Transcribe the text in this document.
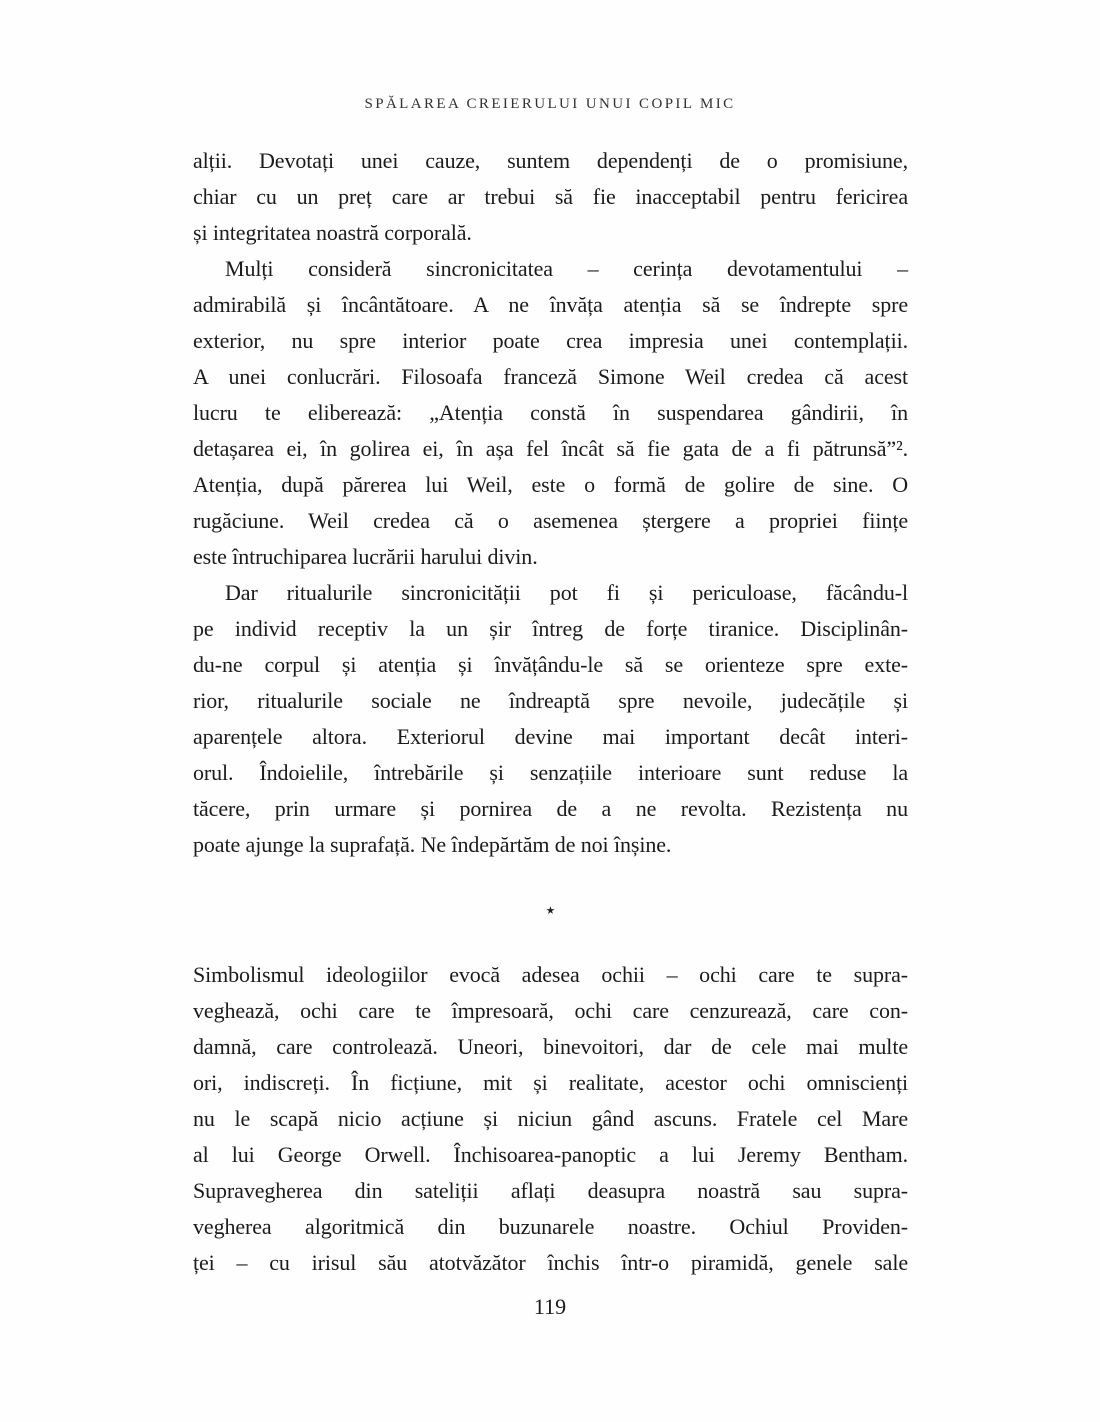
SPĂLAREA CREIERULUI UNUI COPIL MIC
alții. Devotați unei cauze, suntem dependenți de o promisiune,
chiar cu un preț care ar trebui să fie inacceptabil pentru fericirea
și integritatea noastră corporală.
Mulți consideră sincronicitatea – cerința devotamentului –
admirabilă și încântătoare. A ne învăța atenția să se îndrepte spre
exterior, nu spre interior poate crea impresia unei contemplații.
A unei conlucrări. Filosoafa franceză Simone Weil credea că acest
lucru te eliberează: „Atenția constă în suspendarea gândirii, în
detașarea ei, în golirea ei, în așa fel încât să fie gata de a fi pătrunsă”².
Atenția, după părerea lui Weil, este o formă de golire de sine. O
rugăciune. Weil credea că o asemenea ștergere a propriei ființe
este întruchiparea lucrării harului divin.
Dar ritualurile sincronicității pot fi și periculoase, făcându-l
pe individ receptiv la un șir întreg de forțe tiranice. Disciplinân-
du-ne corpul și atenția și învățându-le să se orienteze spre exte-
rior, ritualurile sociale ne îndreaptă spre nevoile, judecățile și
aparențele altora. Exteriorul devine mai important decât interi-
orul. Îndoielile, întrebările și senzațiile interioare sunt reduse la
tăcere, prin urmare și pornirea de a ne revolta. Rezistența nu
poate ajunge la suprafață. Ne îndepărtăm de noi înșine.
⋆
Simbolismul ideologiilor evocă adesea ochii – ochi care te supra-
veghează, ochi care te împresoară, ochi care cenzurează, care con-
damnă, care controlează. Uneori, binevoitori, dar de cele mai multe
ori, indiscreți. În ficțiune, mit și realitate, acestor ochi omniscienți
nu le scapă nicio acțiune și niciun gând ascuns. Fratele cel Mare
al lui George Orwell. Închisoarea-panoptic a lui Jeremy Bentham.
Supravegherea din sateliții aflați deasupra noastră sau supra-
vegherea algoritmică din buzunarele noastre. Ochiul Providen-
ței – cu irisul său atotvăzător închis într-o piramidă, genele sale
119
